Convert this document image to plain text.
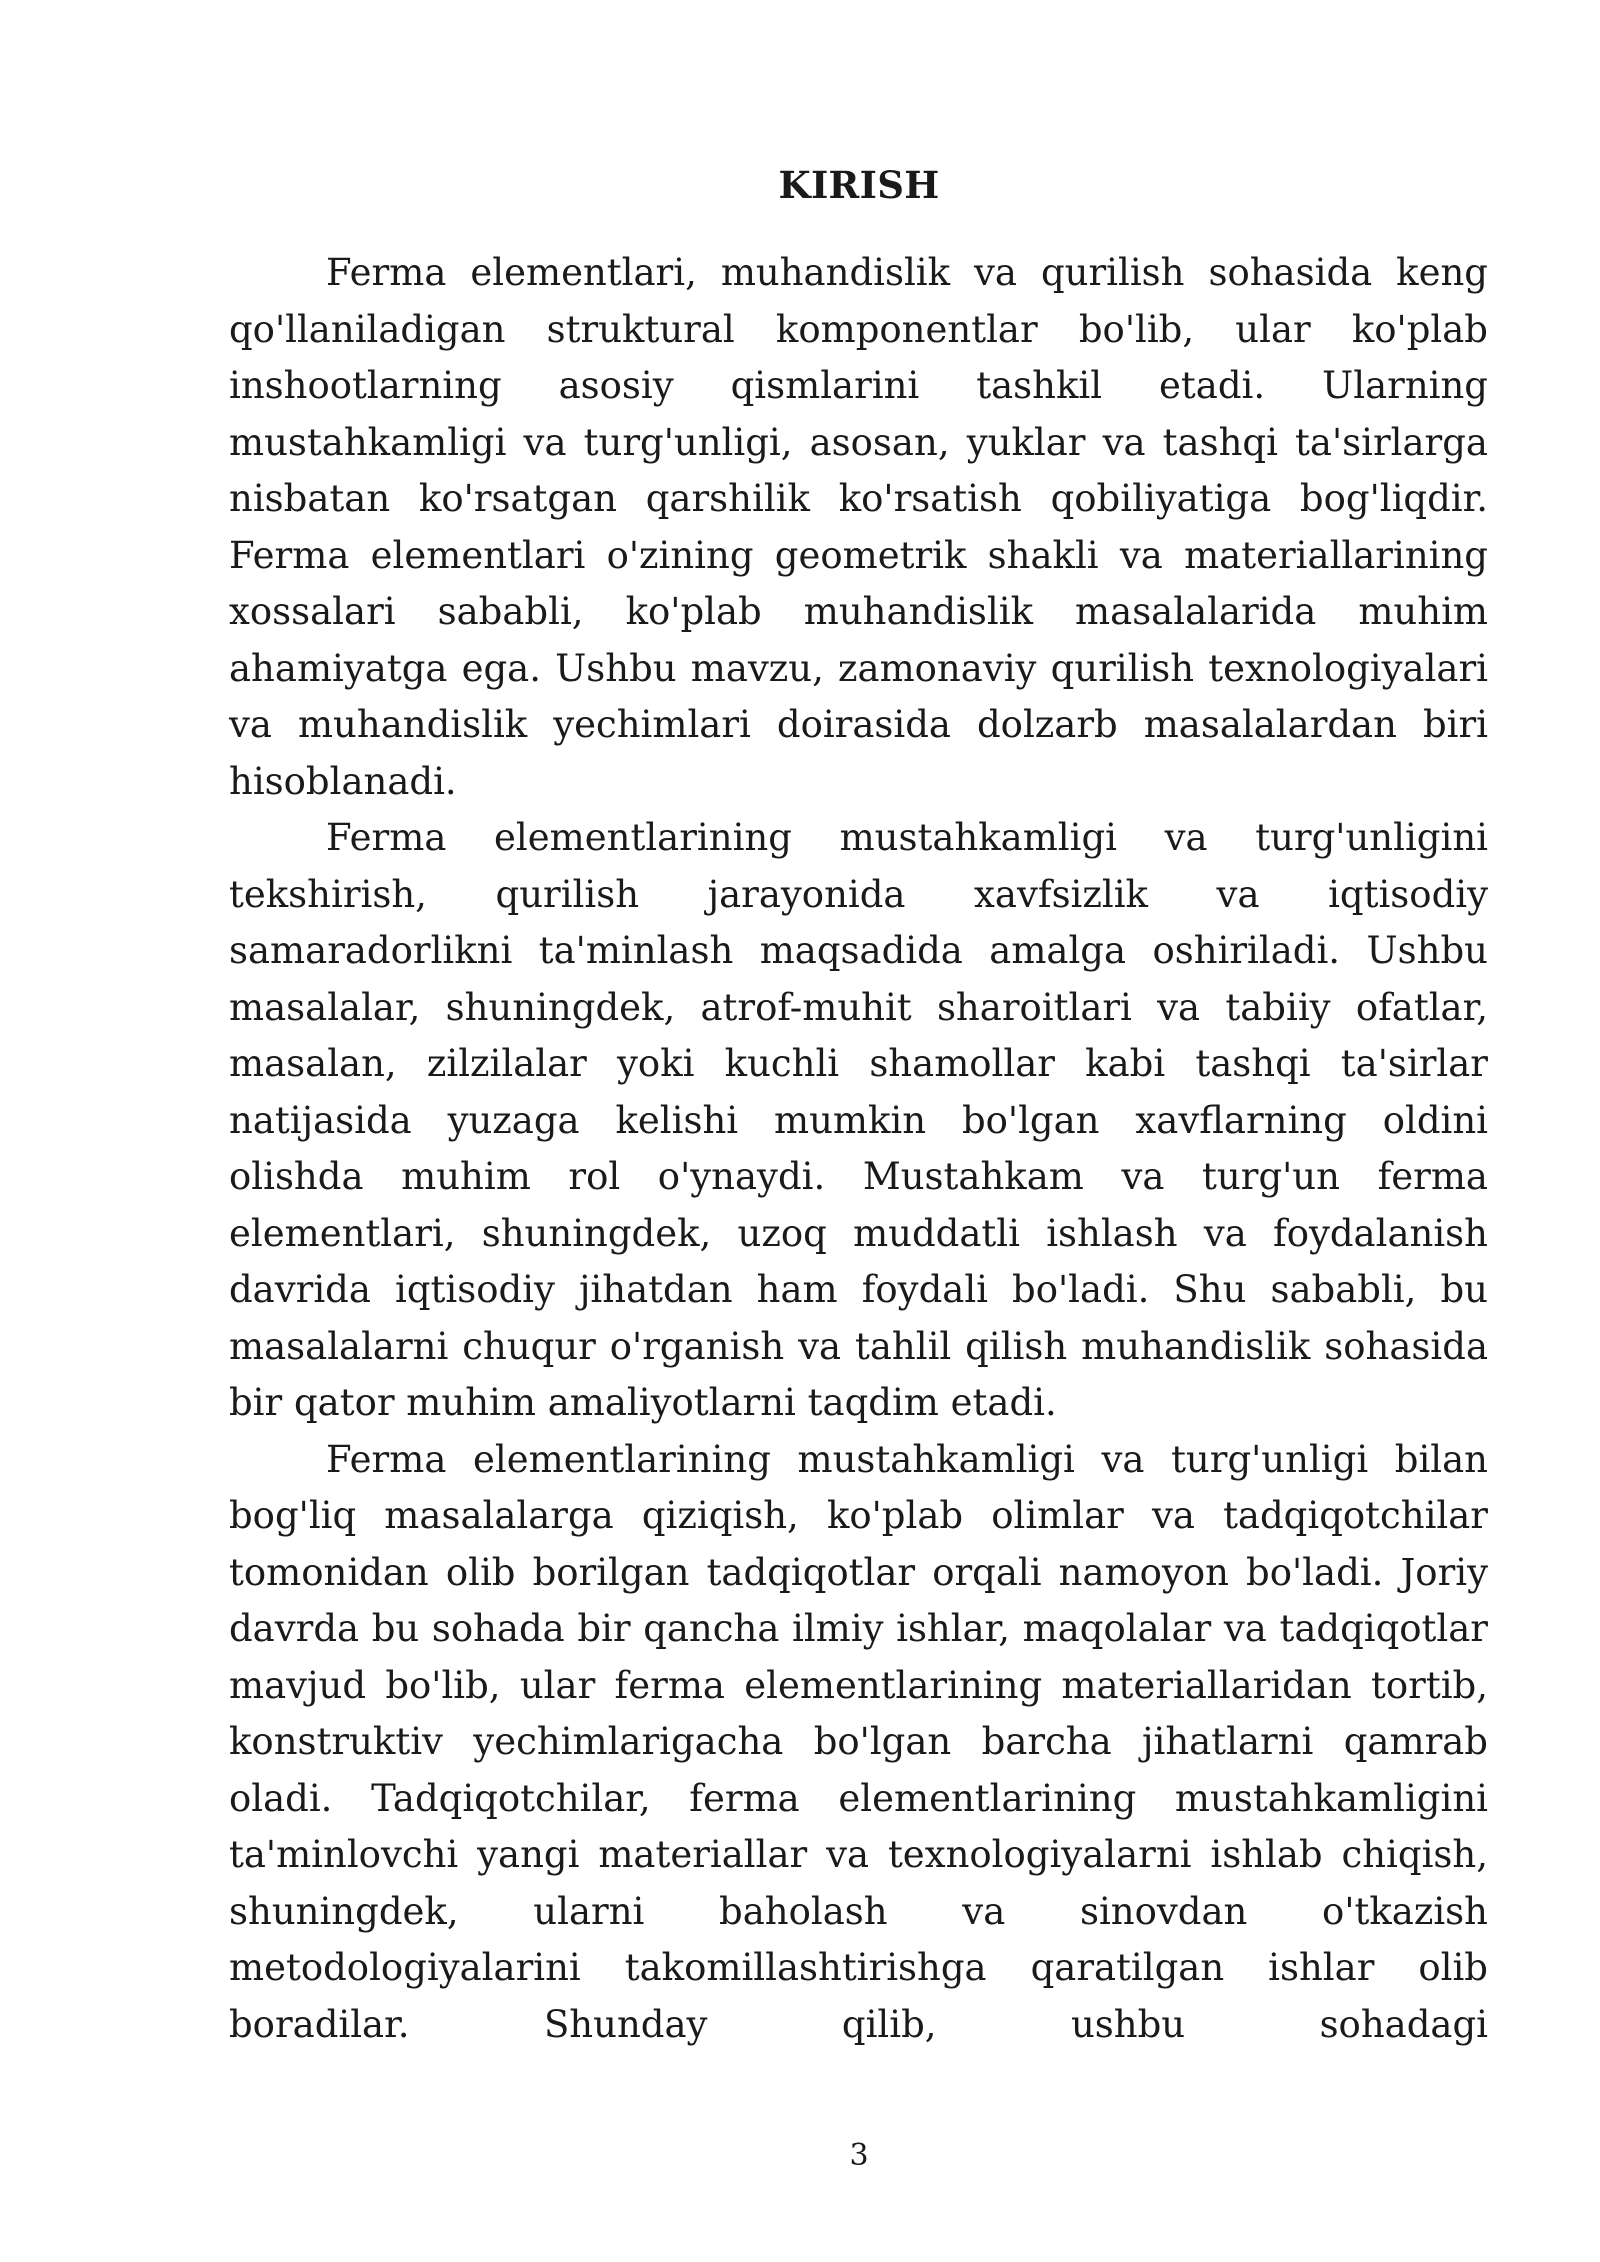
KIRISH

Ferma elementlari, muhandislik va qurilish sohasida keng qo'llaniladigan struktural komponentlar bo'lib, ular ko'plab inshootlarning asosiy qismlarini tashkil etadi. Ularning mustahkamligi va turg'unligi, asosan, yuklar va tashqi ta'sirlarga nisbatan ko'rsatgan qarshilik ko'rsatish qobiliyatiga bog'liqdir. Ferma elementlari o'zining geometrik shakli va materiallarining xossalari sababli, ko'plab muhandislik masalalarida muhim ahamiyatga ega. Ushbu mavzu, zamonaviy qurilish texnologiyalari va muhandislik yechimlari doirasida dolzarb masalalardan biri hisoblanadi.

Ferma elementlarining mustahkamligi va turg'unligini tekshirish, qurilish jarayonida xavfsizlik va iqtisodiy samaradorlikni ta'minlash maqsadida amalga oshiriladi. Ushbu masalalar, shuningdek, atrof-muhit sharoitlari va tabiiy ofatlar, masalan, zilzilalar yoki kuchli shamollar kabi tashqi ta'sirlar natijasida yuzaga kelishi mumkin bo'lgan xavflarning oldini olishda muhim rol o'ynaydi. Mustahkam va turg'un ferma elementlari, shuningdek, uzoq muddatli ishlash va foydalanish davrida iqtisodiy jihatdan ham foydali bo'ladi. Shu sababli, bu masalalarni chuqur o'rganish va tahlil qilish muhandislik sohasida bir qator muhim amaliyotlarni taqdim etadi.

Ferma elementlarining mustahkamligi va turg'unligi bilan bog'liq masalalarga qiziqish, ko'plab olimlar va tadqiqotchilar tomonidan olib borilgan tadqiqotlar orqali namoyon bo'ladi. Joriy davrda bu sohada bir qancha ilmiy ishlar, maqolalar va tadqiqotlar mavjud bo'lib, ular ferma elementlarining materiallaridan tortib, konstruktiv yechimlarigacha bo'lgan barcha jihatlarni qamrab oladi. Tadqiqotchilar, ferma elementlarining mustahkamligini ta'minlovchi yangi materiallar va texnologiyalarni ishlab chiqish, shuningdek, ularni baholash va sinovdan o'tkazish metodologiyalarini takomillashtirishga qaratilgan ishlar olib boradilar. Shunday qilib, ushbu sohadagi

3
